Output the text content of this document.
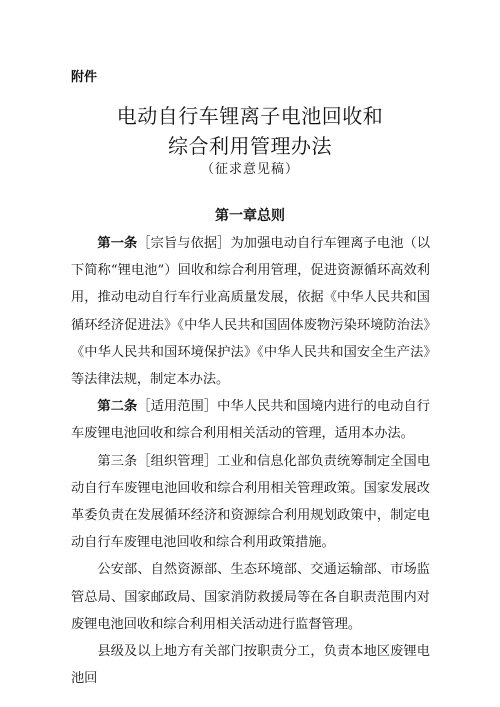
附件
电动自行车锂离子电池回收和
综合利用管理办法
（征求意见稿）
第一章总则

第一条［宗旨与依据］为加强电动自行车锂离子电池（以下简称“锂电池”）回收和综合利用管理，促进资源循环高效利用，推动电动自行车行业高质量发展，依据《中华人民共和国循环经济促进法》《中华人民共和国固体废物污染环境防治法》《中华人民共和国环境保护法》《中华人民共和国安全生产法》等法律法规，制定本办法。

第二条［适用范围］中华人民共和国境内进行的电动自行车废锂电池回收和综合利用相关活动的管理，适用本办法。

第三条［组织管理］工业和信息化部负责统筹制定全国电动自行车废锂电池回收和综合利用相关管理政策。国家发展改革委负责在发展循环经济和资源综合利用规划政策中，制定电动自行车废锂电池回收和综合利用政策措施。

公安部、自然资源部、生态环境部、交通运输部、市场监管总局、国家邮政局、国家消防救援局等在各自职责范围内对废锂电池回收和综合利用相关活动进行监督管理。

县级及以上地方有关部门按职责分工，负责本地区废锂电池回
